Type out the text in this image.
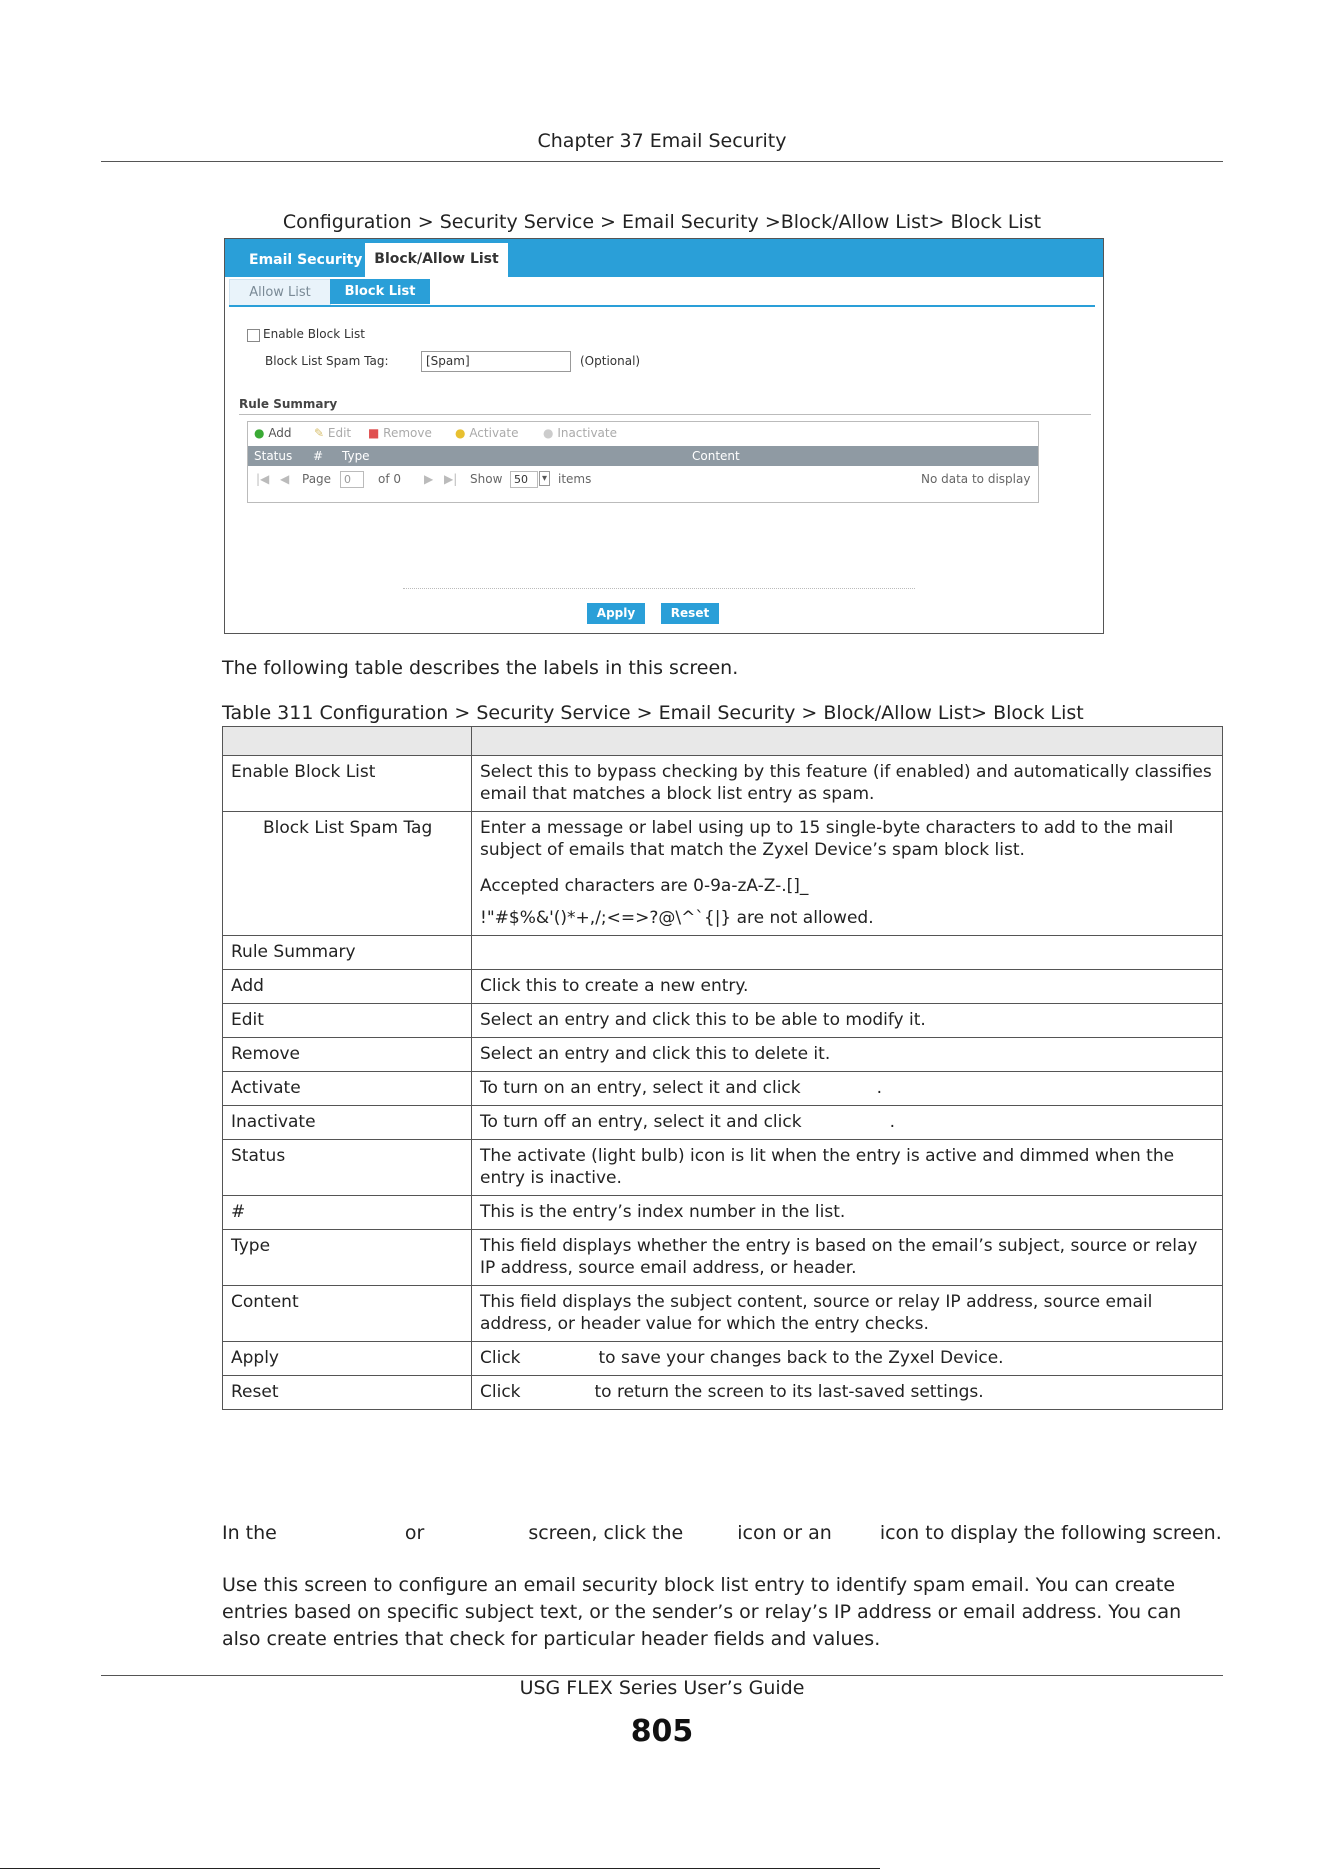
Chapter 37 Email Security
Configuration > Security Service > Email Security >Block/Allow List> Block List
Email Security Block/Allow List
Allow List	Block List
Enable Block List
Block List Spam Tag:	[Spam]	(Optional)
Rule Summary
● Add ✎ Edit ■ Remove ● Activate ● Inactivate
Status # Type	Content
|◀ ◀ Page	0	of 0 ▶ ▶| Show	50	▾ items	No data to display
Apply	Reset
The following table describes the labels in this screen.
Table 311 Configuration > Security Service > Email Security > Block/Allow List> Block List

Enable Block List	Select this to bypass checking by this feature (if enabled) and automatically classifies email that matches a block list entry as spam.
Block List Spam Tag	Enter a message or label using up to 15 single-byte characters to add to the mail subject of emails that match the Zyxel Device’s spam block list.
Accepted characters are 0-9a-zA-Z-.[]_
!"#$%&'()*+,/;<=>?@\^`{|} are not allowed.

Rule Summary	
Add	Click this to create a new entry.
Edit	Select an entry and click this to be able to modify it.
Remove	Select an entry and click this to delete it.
Activate	To turn on an entry, select it and click .
Inactivate	To turn off an entry, select it and click .
Status	The activate (light bulb) icon is lit when the entry is active and dimmed when the entry is inactive.
#	This is the entry’s index number in the list.
Type	This field displays whether the entry is based on the email’s subject, source or relay IP address, source email address, or header.
Content	This field displays the subject content, source or relay IP address, source email address, or header value for which the entry checks.
Apply	Click to save your changes back to the Zyxel Device.
Reset	Click to return the screen to its last-saved settings.
In the	or	screen, click the	icon or an	icon to display the following screen.
Use this screen to configure an email security block list entry to identify spam email. You can create entries based on specific subject text, or the sender’s or relay’s IP address or email address. You can also create entries that check for particular header fields and values.
USG FLEX Series User’s Guide
805
